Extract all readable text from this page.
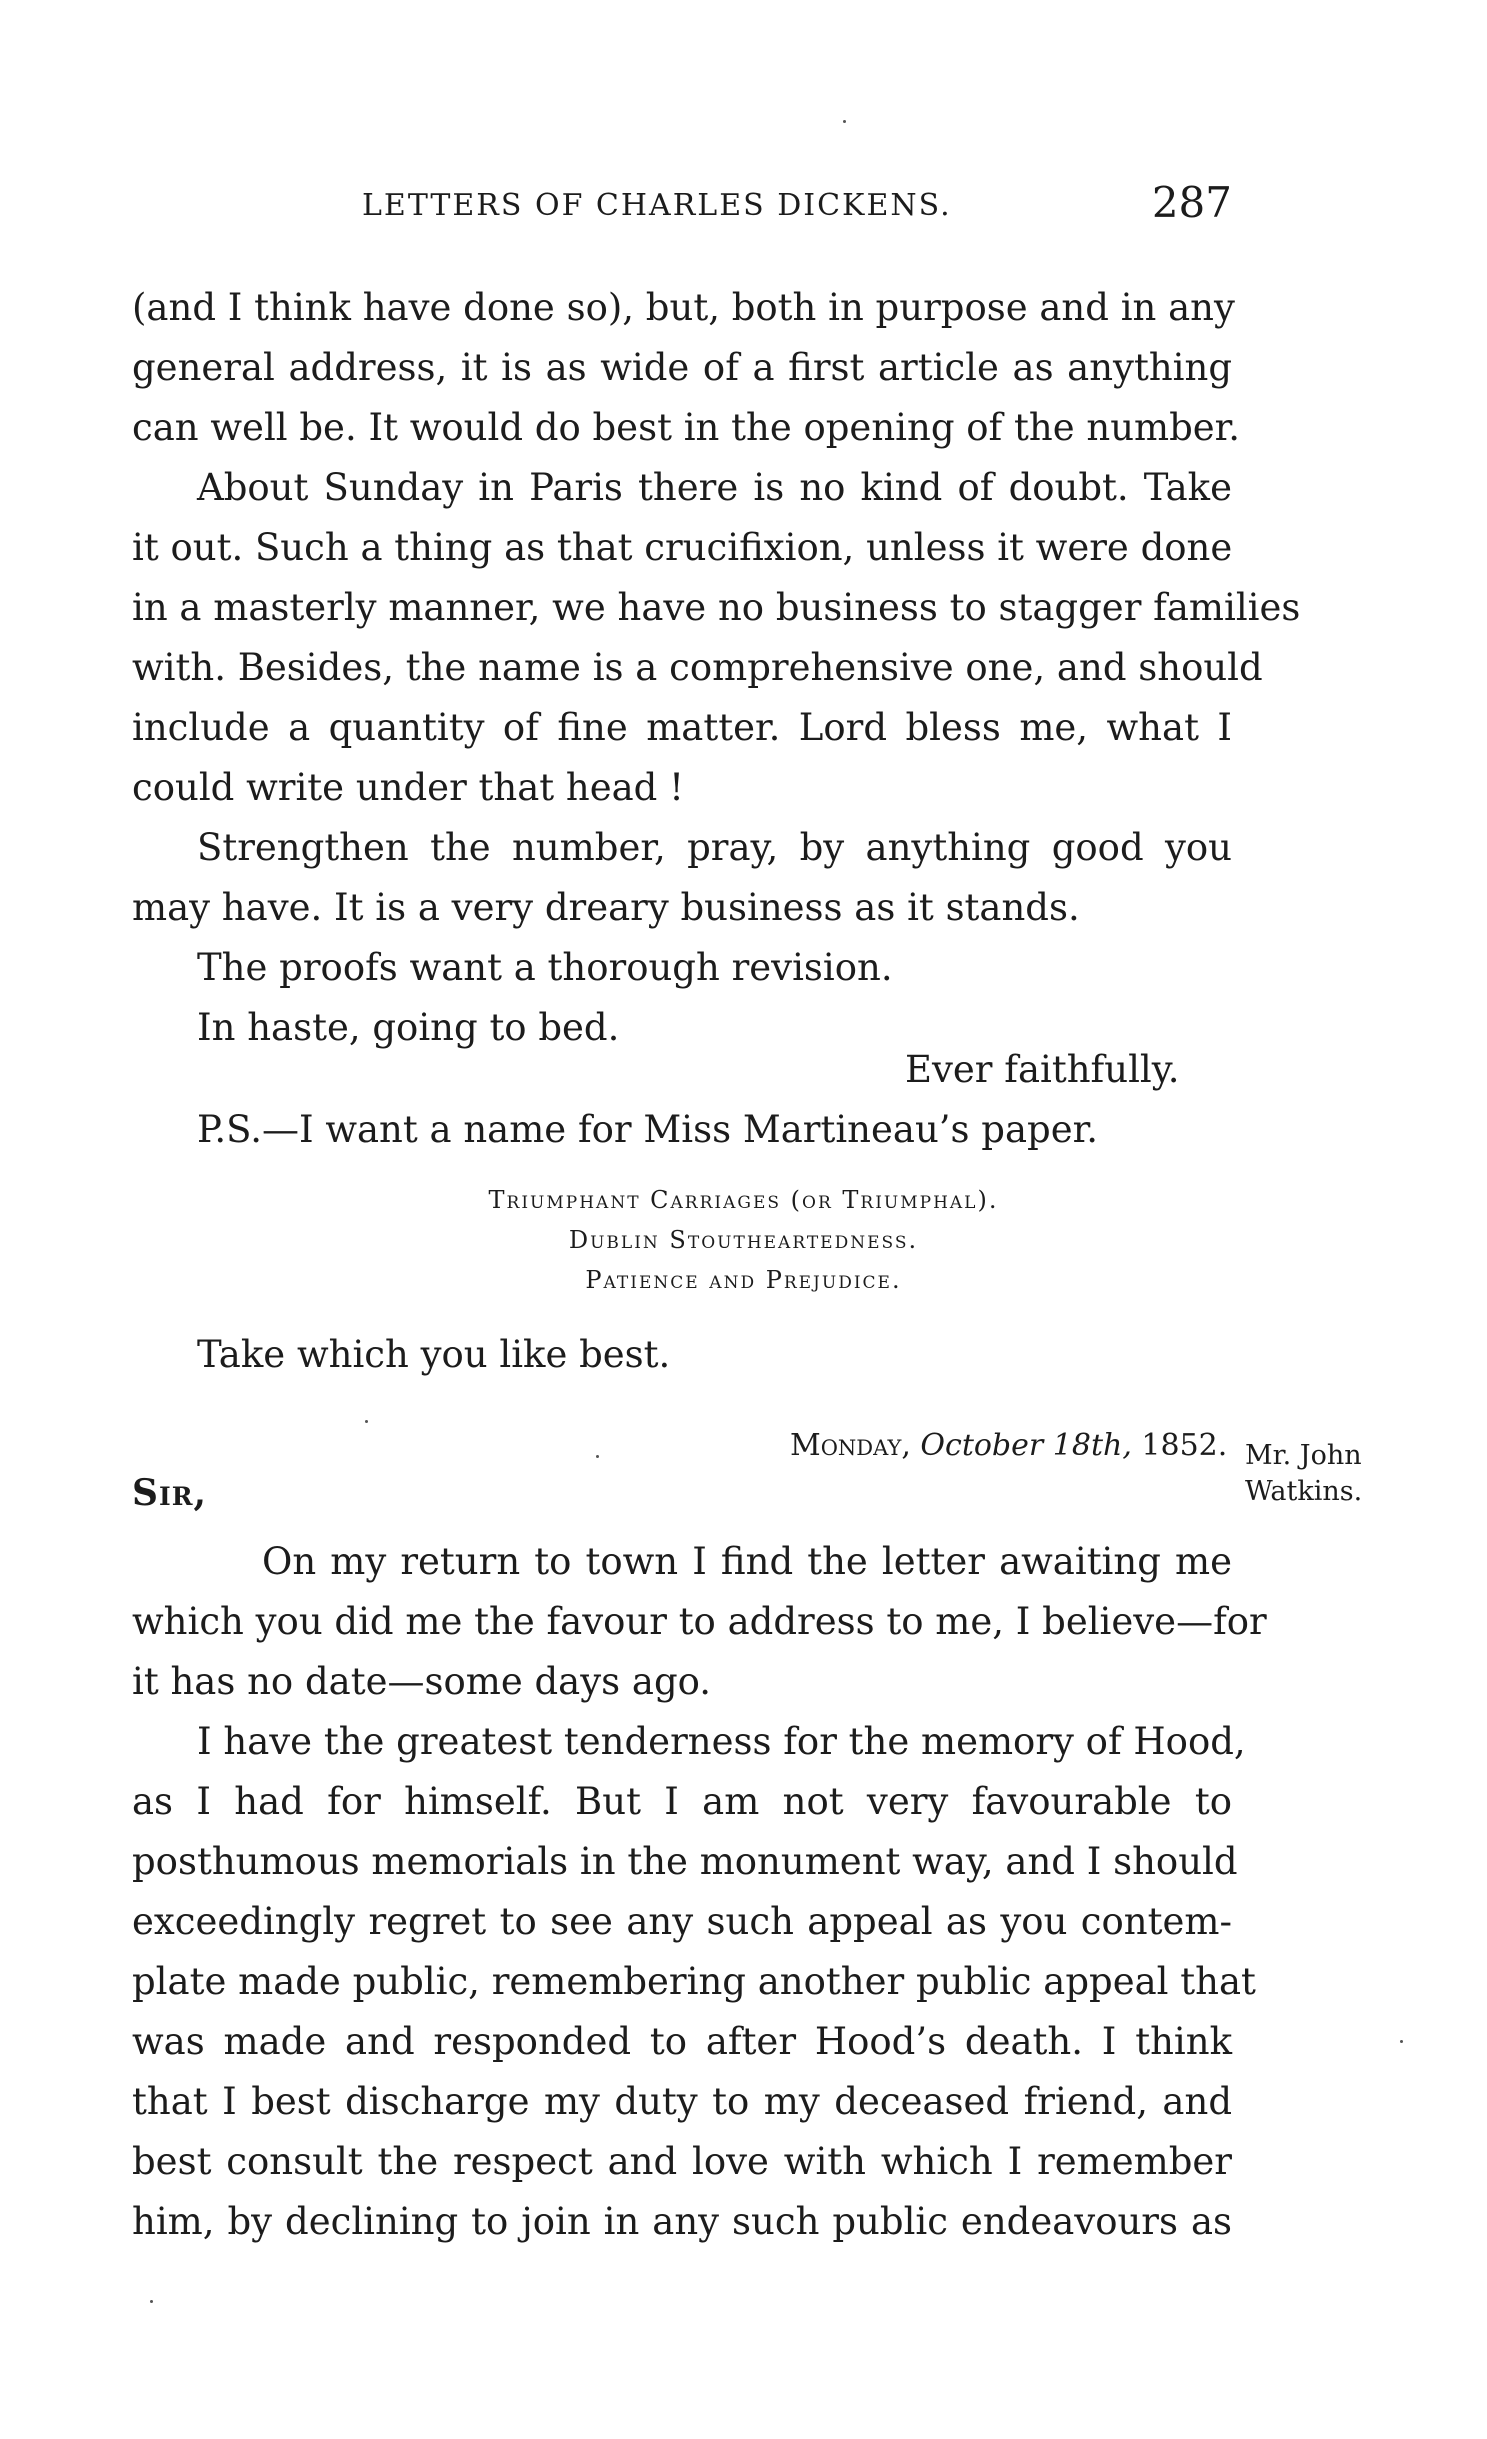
LETTERS OF CHARLES DICKENS.	287
(and I think have done so), but, both in purpose and in any
general address, it is as wide of a first article as anything
can well be. It would do best in the opening of the number.
About Sunday in Paris there is no kind of doubt. Take
it out. Such a thing as that crucifixion, unless it were done
in a masterly manner, we have no business to stagger families
with. Besides, the name is a comprehensive one, and should
include a quantity of fine matter. Lord bless me, what I
could write under that head !
Strengthen the number, pray, by anything good you
may have. It is a very dreary business as it stands.
The proofs want a thorough revision.
In haste, going to bed.
Ever faithfully.
P.S.—I want a name for Miss Martineau’s paper.
Triumphant Carriages (or Triumphal).
Dublin Stoutheartedness.
Patience and Prejudice.
Take which you like best.
Mr. John
Watkins.
Monday, October 18th, 1852.
Sir,
On my return to town I find the letter awaiting me
which you did me the favour to address to me, I believe—for
it has no date—some days ago.
I have the greatest tenderness for the memory of Hood,
as I had for himself. But I am not very favourable to
posthumous memorials in the monument way, and I should
exceedingly regret to see any such appeal as you contem-
plate made public, remembering another public appeal that
was made and responded to after Hood’s death. I think
that I best discharge my duty to my deceased friend, and
best consult the respect and love with which I remember
him, by declining to join in any such public endeavours as
